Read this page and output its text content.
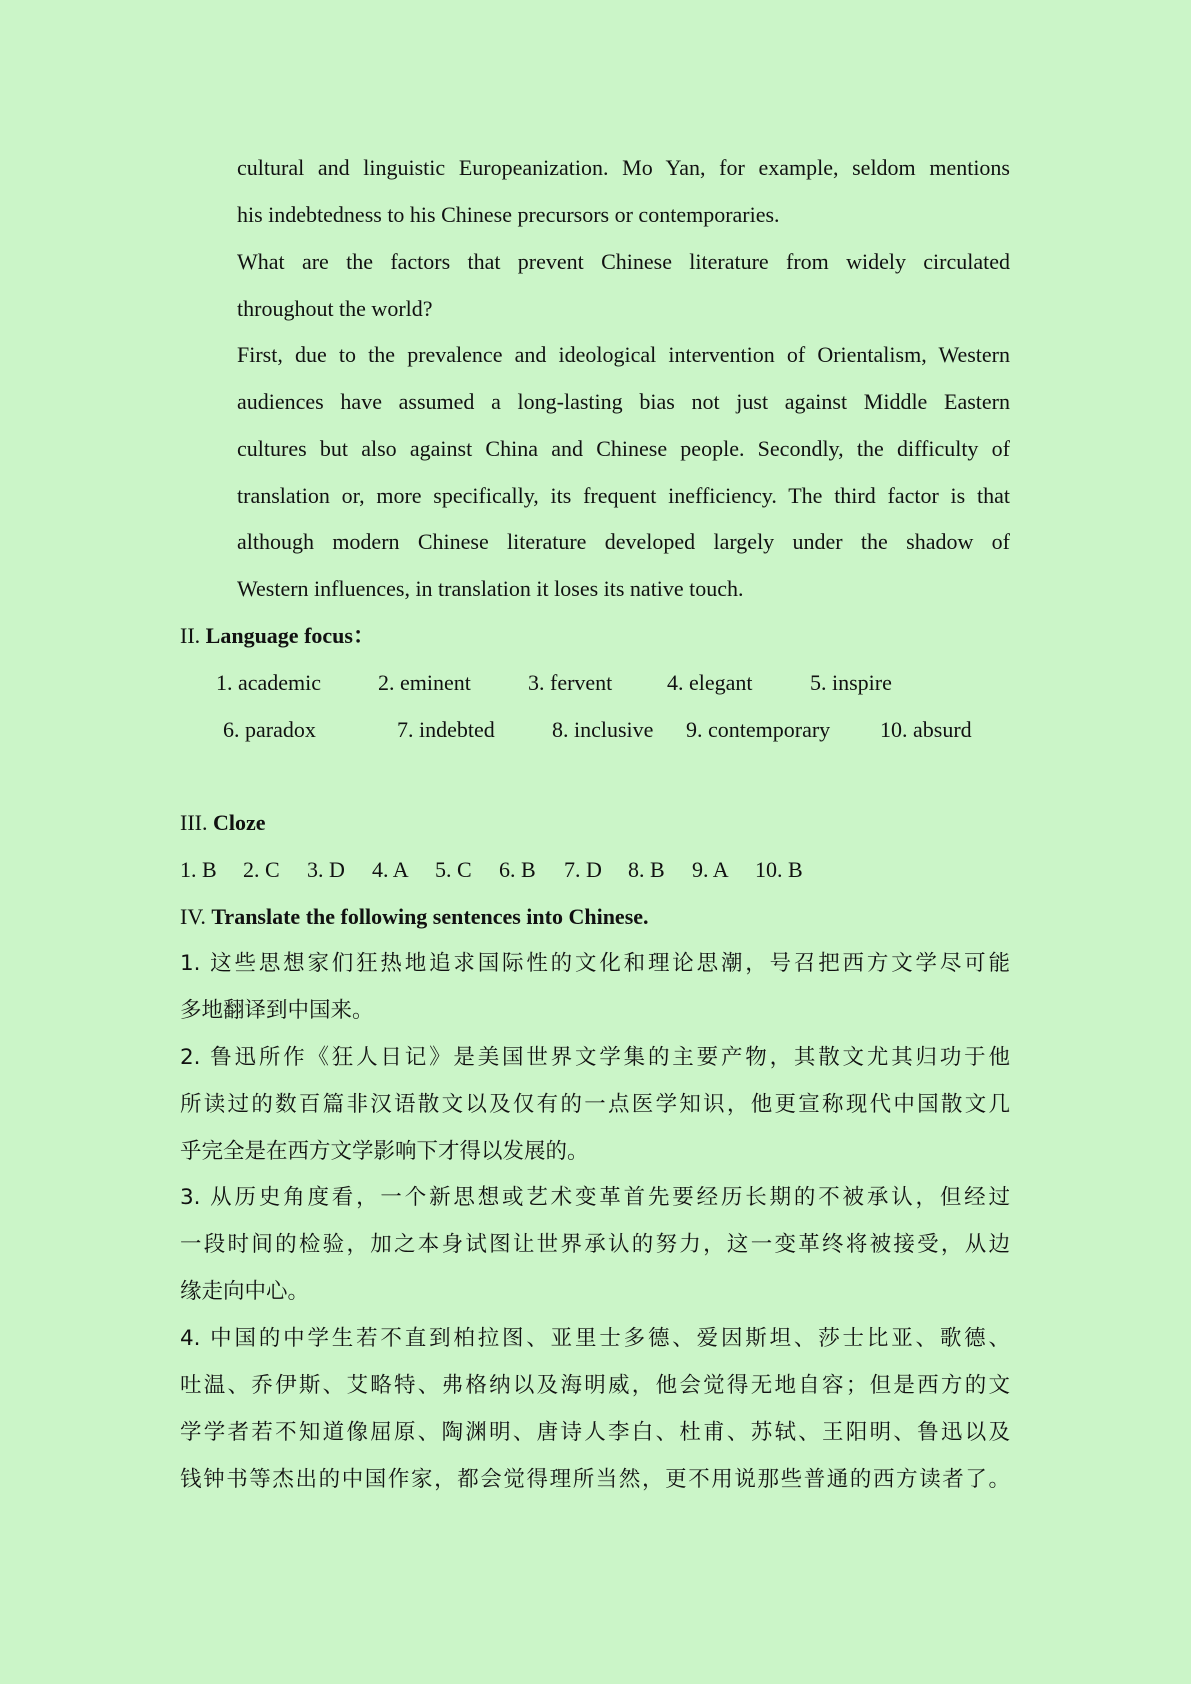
cultural and linguistic Europeanization. Mo Yan, for example, seldom mentions
his indebtedness to his Chinese precursors or contemporaries.
What are the factors that prevent Chinese literature from widely circulated
throughout the world?
First, due to the prevalence and ideological intervention of Orientalism, Western
audiences have assumed a long-lasting bias not just against Middle Eastern
cultures but also against China and Chinese people. Secondly, the difficulty of
translation or, more specifically, its frequent inefficiency. The third factor is that
although modern Chinese literature developed largely under the shadow of
Western influences, in translation it loses its native touch.
II. Language focus：
1. academic	2. eminent	3. fervent 4. elegant	5. inspire
6. paradox	7. indebted	8. inclusive 9. contemporary 10. absurd
III. Cloze
1. B 2. C 3. D 4. A 5. C 6. B 7. D 8. B 9. A 10. B
IV. Translate the following sentences into Chinese.
1. 这些思想家们狂热地追求国际性的文化和理论思潮，号召把西方文学尽可能
多地翻译到中国来。
2. 鲁迅所作《狂人日记》是美国世界文学集的主要产物，其散文尤其归功于他
所读过的数百篇非汉语散文以及仅有的一点医学知识，他更宣称现代中国散文几
乎完全是在西方文学影响下才得以发展的。
3. 从历史角度看，一个新思想或艺术变革首先要经历长期的不被承认，但经过
一段时间的检验，加之本身试图让世界承认的努力，这一变革终将被接受，从边
缘走向中心。
4. 中国的中学生若不直到柏拉图、亚里士多德、爱因斯坦、莎士比亚、歌德、
吐温、乔伊斯、艾略特、弗格纳以及海明威，他会觉得无地自容；但是西方的文
学学者若不知道像屈原、陶渊明、唐诗人李白、杜甫、苏轼、王阳明、鲁迅以及
钱钟书等杰出的中国作家，都会觉得理所当然，更不用说那些普通的西方读者了。
